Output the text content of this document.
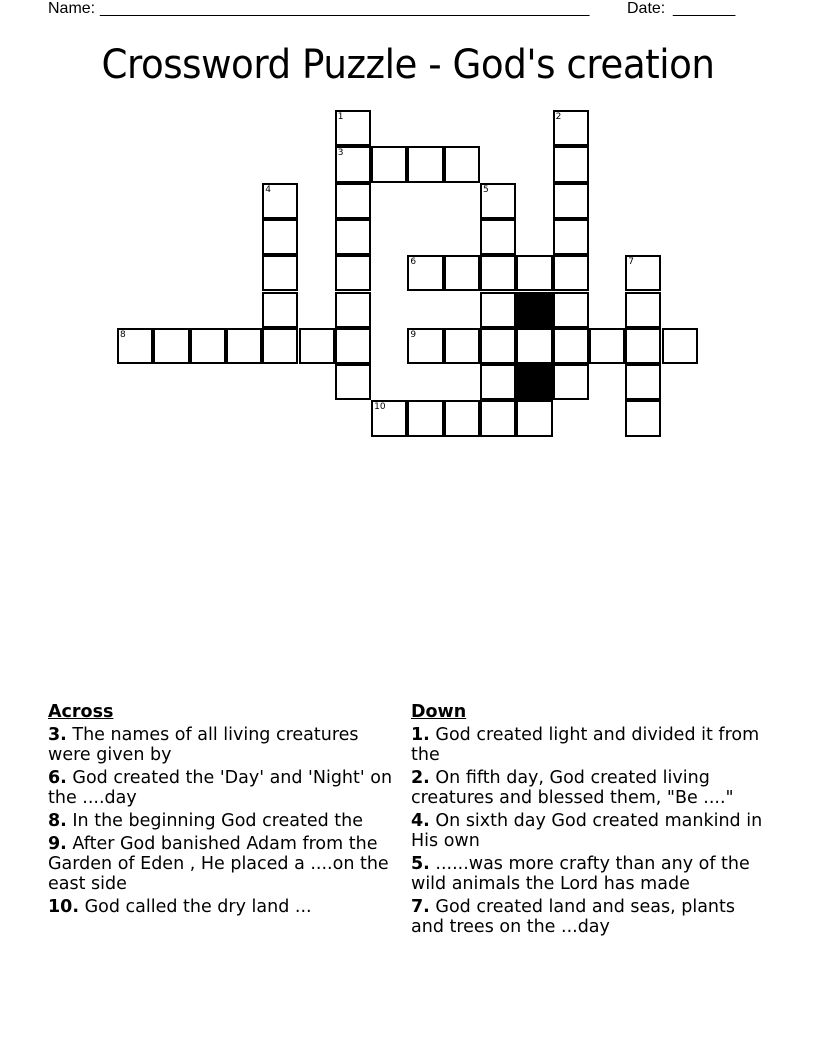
Name: _______________________________________________________ Date: _______
Crossword Puzzle - God's creation
1	2
3
4	5
6	7
8	9
10
Across
3. The names of all living creatures were given by
6. God created the 'Day' and 'Night' on the ....day
8. In the beginning God created the
9. After God banished Adam from the Garden of Eden , He placed a ....on the east side
10. God called the dry land ...
Down
1. God created light and divided it from the
2. On fifth day, God created living creatures and blessed them, "Be ...."
4. On sixth day God created mankind in His own
5. ......was more crafty than any of the wild animals the Lord has made
7. God created land and seas, plants and trees on the ...day
